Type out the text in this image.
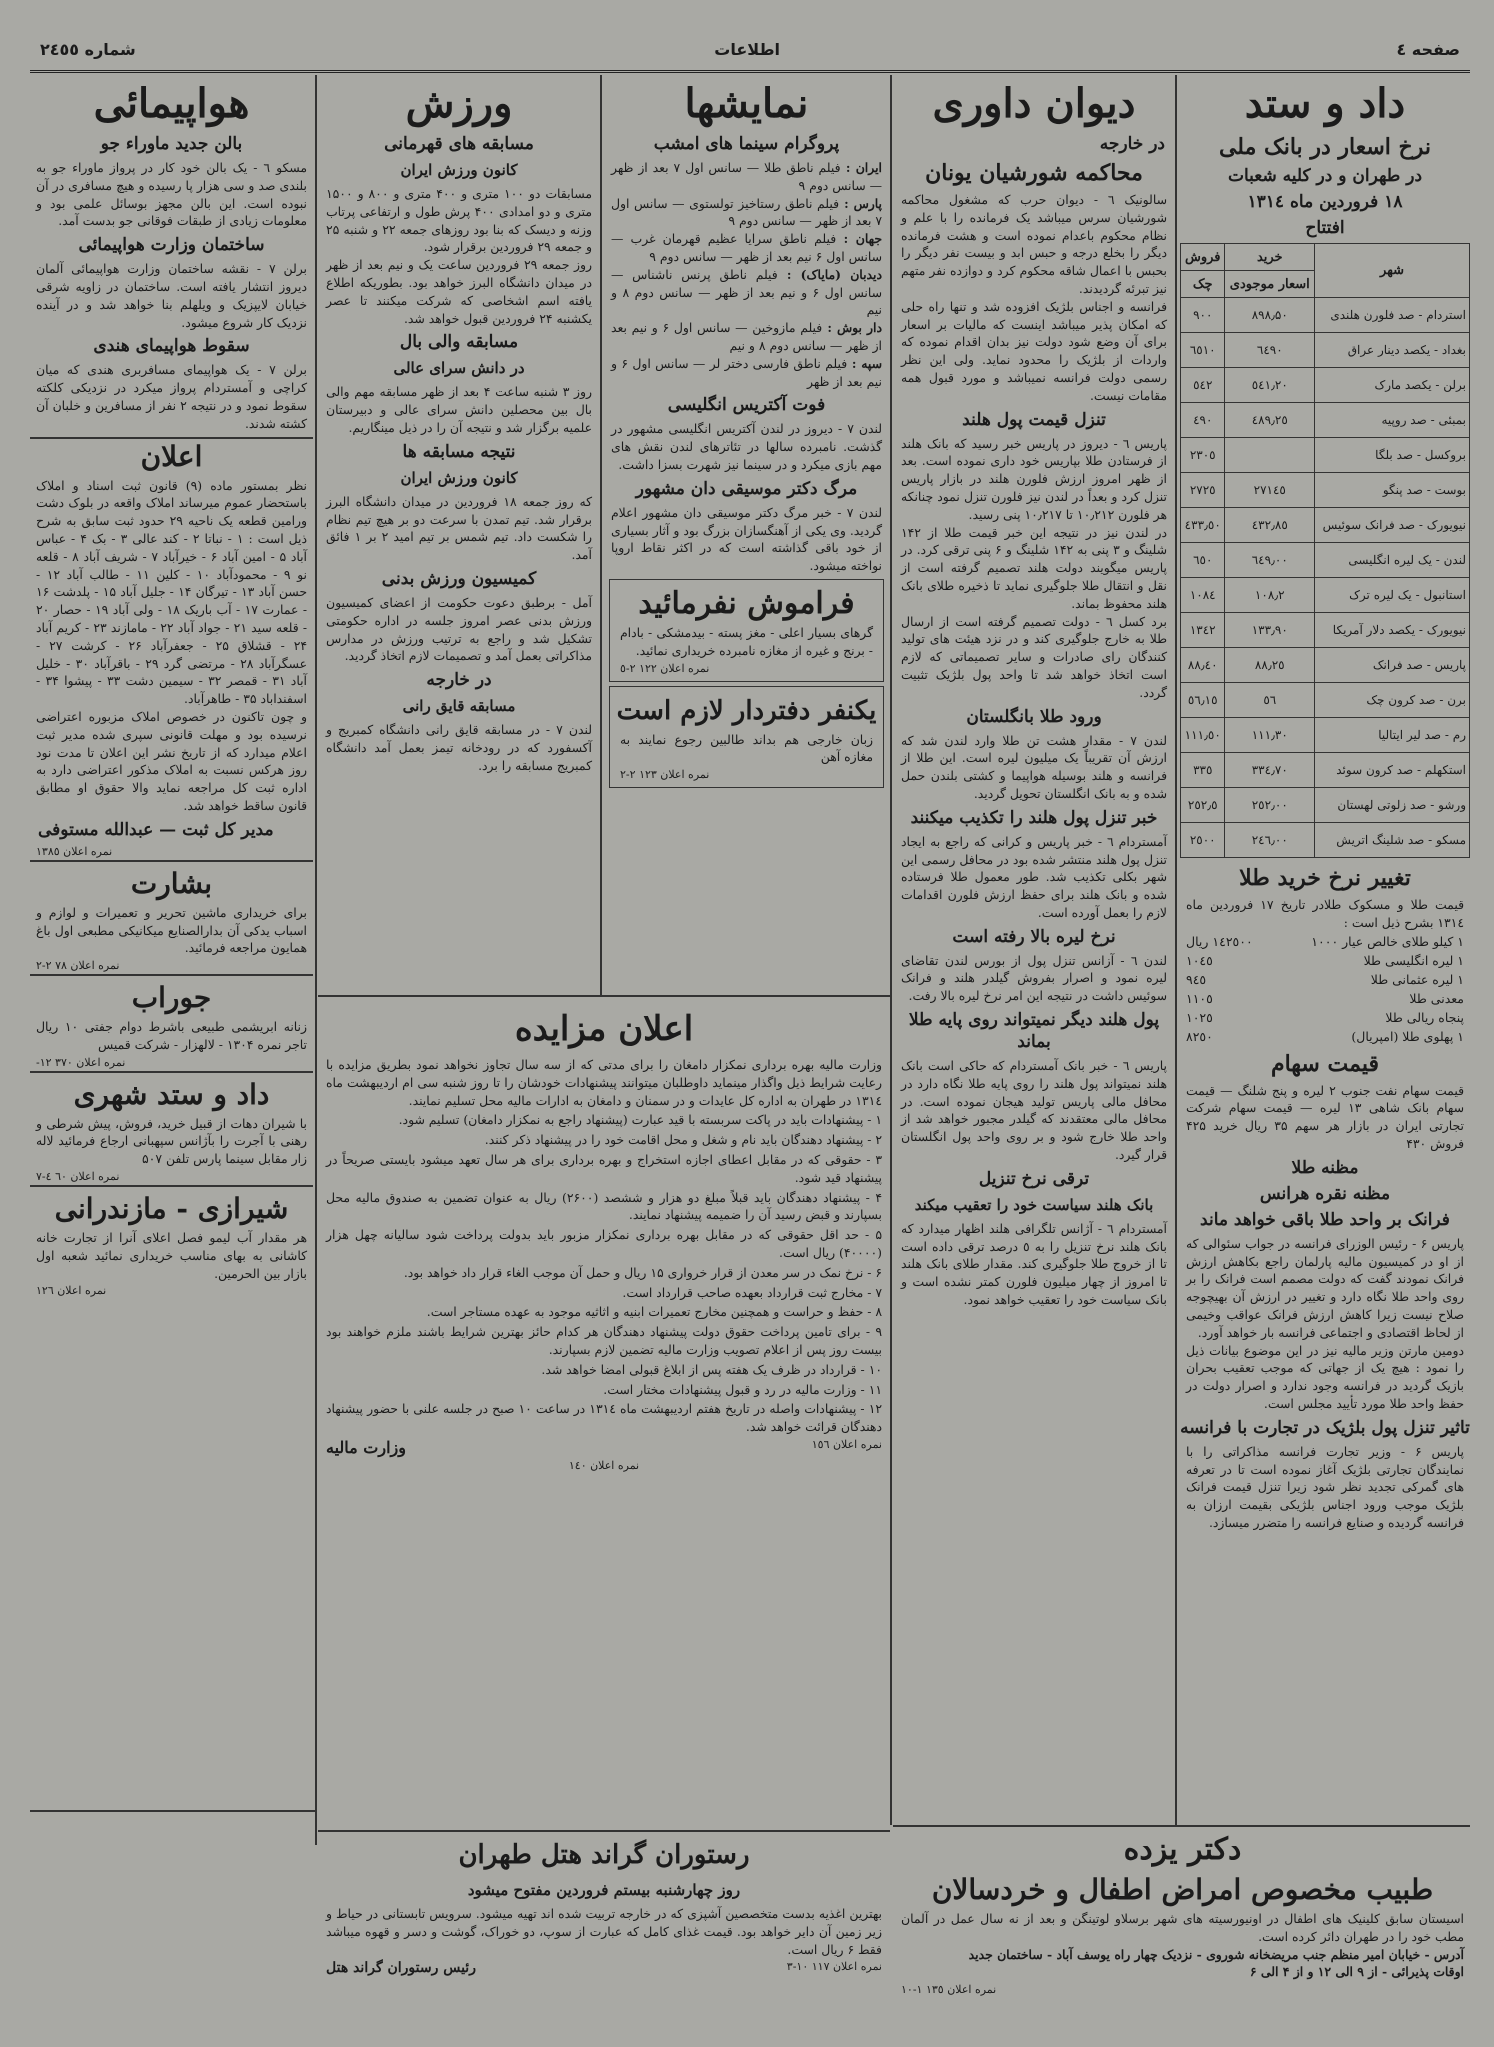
صفحه ٤
اطلاعات
شماره ٢٤٥٥
داد و ستد
نرخ اسعار در بانک ملی
در طهران و در کلیه شعبات
۱۸ فروردین ماه ۱۳۱٤
افتتاح
شهر	خرید	فروش
	اسعار موجودی	چک
استردام - صد فلورن هلندی	۸۹۸٫۵۰	۹۰۰
بغداد - یکصد دینار عراق	٦٤۹۰	٦٥١٠
برلن - یکصد مارک	٥٤١٫٢٠	٥٤٢
بمبئی - صد روپیه	٤٨٩٫٢٥	٤٩٠
بروکسل - صد بلگا		٢٣٠٥
بوست - صد پنگو	٢٧١٤٥	٢٧٢٥
نیویورک - صد فرانک سوئیس	٤٣٢٫٨٥	٤٣٣٫٥٠
لندن - یک لیره انگلیسی	٦٤٩٫٠٠	٦٥٠
استانبول - یک لیره ترک	١٠٨٫٢	١٠٨٤
نیویورک - یکصد دلار آمریکا	١٣٣٫٩٠	١٣٤٢
پاریس - صد فرانک	٨٨٫٢٥	٨٨٫٤٠
برن - صد کرون چک	٥٦	٥٦٫١٥
رم - صد لیر ایتالیا	١١١٫٣٠	١١١٫٥٠
استکهلم - صد کرون سوئد	٣٣٤٫٧٠	٣٣٥
ورشو - صد زلوتی لهستان	٢٥٢٫٠٠	٢٥٢٫٥
مسکو - صد شلینگ اتریش	٢٤٦٫٠٠	٢٥٠٠
تغییر نرخ خرید طلا
قیمت طلا و مسکوک طلادر تاریخ ۱۷ فروردین ماه ۱۳۱٤ بشرح ذیل است :
۱ کیلو طلای خالص عیار ۱۰۰۰
١٤٢٥٠٠ ریال
۱ لیره انگلیسی طلا
١٠٤٥
۱ لیره عثمانی طلا
٩٤٥
معدنی طلا
١١٠٥
پنجاه ریالی طلا
١٠٢٥
۱ پهلوی طلا (امپریال)
٨٢٥٠
قیمت سهام
قیمت سهام نفت جنوب ۲ لیره و پنج شلنگ — قیمت سهام بانک شاهی ۱۳ لیره — قیمت سهام شرکت تجارتی ایران در بازار هر سهم ۳۵ ریال خرید ۴۲۵ فروش ۴۳۰
مظنه طلا
مظنه نقره هرانس
فرانک بر واحد طلا باقی خواهد ماند
پاریس ۶ - رئیس الوزرای فرانسه در جواب سئوالی که از او در کمیسیون مالیه پارلمان راجع بکاهش ارزش فرانک نمودند گفت که دولت مصمم است فرانک را بر روی واحد طلا نگاه دارد و تغییر در ارزش آن بهیچوجه صلاح نیست زیرا کاهش ارزش فرانک عواقب وخیمی از لحاظ اقتصادی و اجتماعی فرانسه بار خواهد آورد.
دومین مارتن وزیر مالیه نیز در این موضوع بیانات ذیل را نمود : هیچ یک از جهاتی که موجب تعقیب بحران بازیک گردید در فرانسه وجود ندارد و اصرار دولت در حفظ واحد طلا مورد تأیید مجلس است.
تاثیر تنزل پول بلژیک در تجارت با فرانسه
پاریس ۶ - وزیر تجارت فرانسه مذاکراتی را با نمایندگان تجارتی بلژیک آغاز نموده است تا در تعرفه های گمرکی تجدید نظر شود زیرا تنزل قیمت فرانک بلژیک موجب ورود اجناس بلژیکی بقیمت ارزان به فرانسه گردیده و صنایع فرانسه را متضرر میسازد.
دیوان داوری
در خارجه
محاکمه شورشیان یونان
سالونیک ٦ - دیوان حرب که مشغول محاکمه شورشیان سرس میباشد یک فرمانده را با علم و نظام محکوم باعدام نموده است و هشت فرمانده دیگر را بخلع درجه و حبس ابد و بیست نفر دیگر را بحبس با اعمال شاقه محکوم کرد و دوازده نفر متهم نیز تبرئه گردیدند.
فرانسه و اجناس بلژیک افزوده شد و تنها راه حلی که امکان پذیر میباشد اینست که مالیات بر اسعار برای آن وضع شود دولت نیز بدان اقدام نموده که واردات از بلژیک را محدود نماید. ولی این نظر رسمی دولت فرانسه نمیباشد و مورد قبول همه مقامات نیست.
تنزل قیمت پول هلند
پاریس ٦ - دیروز در پاریس خبر رسید که بانک هلند از فرستادن طلا بپاریس خود داری نموده است. بعد از ظهر امروز ارزش فلورن هلند در بازار پاریس تنزل کرد و بعداً در لندن نیز فلورن تنزل نمود چنانکه هر فلورن ۱۰٫۲۱۲ تا ۱۰٫۲۱۷ پنی رسید.
در لندن نیز در نتیجه این خبر قیمت طلا از ۱۴۲ شلینگ و ۳ پنی به ۱۴۲ شلینگ و ۶ پنی ترقی کرد. در پاریس میگویند دولت هلند تصمیم گرفته است از نقل و انتقال طلا جلوگیری نماید تا ذخیره طلای بانک هلند محفوظ بماند.
برد کسل ٦ - دولت تصمیم گرفته است از ارسال طلا به خارج جلوگیری کند و در نزد هیئت های تولید کنندگان رای صادرات و سایر تصمیماتی که لازم است اتخاذ خواهد شد تا واحد پول بلژیک تثبیت گردد.
ورود طلا بانگلستان
لندن ۷ - مقدار هشت تن طلا وارد لندن شد که ارزش آن تقریباً یک میلیون لیره است. این طلا از فرانسه و هلند بوسیله هواپیما و کشتی بلندن حمل شده و به بانک انگلستان تحویل گردید.
خبر تنزل پول هلند را تکذیب میکنند
آمستردام ٦ - خبر پاریس و کرانی که راجع به ایجاد تنزل پول هلند منتشر شده بود در محافل رسمی این شهر بکلی تکذیب شد. طور معمول طلا فرستاده شده و بانک هلند برای حفظ ارزش فلورن اقدامات لازم را بعمل آورده است.
نرخ لیره بالا رفته است
لندن ٦ - آزانس تنزل پول از بورس لندن تقاضای لیره نمود و اصرار بفروش گیلدر هلند و فرانک سوئیس داشت در نتیجه این امر نرخ لیره بالا رفت.
پول هلند دیگر نمیتواند روی پایه طلا بماند
پاریس ٦ - خبر بانک آمستردام که حاکی است بانک هلند نمیتواند پول هلند را روی پایه طلا نگاه دارد در محافل مالی پاریس تولید هیجان نموده است. در محافل مالی معتقدند که گیلدر مجبور خواهد شد از واحد طلا خارج شود و بر روی واحد پول انگلستان قرار گیرد.
ترقی نرخ تنزیل
بانک هلند سیاست خود را تعقیب میکند
آمستردام ٦ - آژانس تلگرافی هلند اظهار میدارد که بانک هلند نرخ تنزیل را به ٥ درصد ترقی داده است تا از خروج طلا جلوگیری کند. مقدار طلای بانک هلند تا امروز از چهار میلیون فلورن کمتر نشده است و بانک سیاست خود را تعقیب خواهد نمود.
نمایشها
پروگرام سینما های امشب
ایران : فیلم ناطق طلا — سانس اول ۷ بعد از ظهر — سانس دوم ۹
پارس : فیلم ناطق رستاخیز تولستوی — سانس اول ۷ بعد از ظهر — سانس دوم ۹
جهان : فیلم ناطق سرایا عظیم قهرمان غرب — سانس اول ۶ نیم بعد از ظهر — سانس دوم ۹
دیدبان (مایاک) : فیلم ناطق پرنس ناشناس — سانس اول ۶ و نیم بعد از ظهر — سانس دوم ۸ و نیم
دار بوش : فیلم مازوخین — سانس اول ۶ و نیم بعد از ظهر — سانس دوم ۸ و نیم
سپه : فیلم ناطق فارسی دختر لر — سانس اول ۶ و نیم بعد از ظهر
فوت آکتریس انگلیسی
لندن ۷ - دیروز در لندن آکتریس انگلیسی مشهور در گذشت. نامبرده سالها در تئاترهای لندن نقش های مهم بازی میکرد و در سینما نیز شهرت بسزا داشت.
مرگ دکتر موسیقی دان مشهور
لندن ۷ - خبر مرگ دکتر موسیقی دان مشهور اعلام گردید. وی یکی از آهنگسازان بزرگ بود و آثار بسیاری از خود باقی گذاشته است که در اکثر نقاط اروپا نواخته میشود.
فراموش نفرمائید
گرهای بسیار اعلی - مغز پسته - بیدمشکی - بادام - برنج و غیره از مغازه نامبرده خریداری نمائید.
نمره اعلان ١٢٢ ٢-٥
یکنفر دفتردار لازم است
زبان خارجی هم بداند طالبین رجوع نمایند به مغازه آهن
نمره اعلان ١٢٣ ٢-٢
ورزش
مسابقه های قهرمانی
کانون ورزش ایران
مسابقات دو ۱۰۰ متری و ۴۰۰ متری و ۸۰۰ و ۱۵۰۰ متری و دو امدادی ۴۰۰ پرش طول و ارتفاعی پرتاب وزنه و دیسک که بنا بود روزهای جمعه ۲۲ و شنبه ۲۵ و جمعه ۲۹ فروردین برقرار شود.
روز جمعه ۲۹ فروردین ساعت یک و نیم بعد از ظهر در میدان دانشگاه البرز خواهد بود. بطوریکه اطلاع یافته اسم اشخاصی که شرکت میکنند تا عصر یکشنبه ۲۴ فروردین قبول خواهد شد.
مسابقه والی بال
در دانش سرای عالی
روز ۳ شنبه ساعت ۴ بعد از ظهر مسابقه مهم والی بال بین محصلین دانش سرای عالی و دبیرستان علمیه برگزار شد و نتیجه آن را در ذیل مینگاریم.
نتیجه مسابقه ها
کانون ورزش ایران
که روز جمعه ۱۸ فروردین در میدان دانشگاه البرز برقرار شد. تیم تمدن با سرعت دو بر هیچ تیم نظام را شکست داد. تیم شمس بر تیم امید ۲ بر ۱ فائق آمد.
کمیسیون ورزش بدنی
آمل - برطبق دعوت حکومت از اعضای کمیسیون ورزش بدنی عصر امروز جلسه در اداره حکومتی تشکیل شد و راجع به ترتیب ورزش در مدارس مذاکراتی بعمل آمد و تصمیمات لازم اتخاذ گردید.
در خارجه
مسابقه قایق رانی
لندن ۷ - در مسابقه قایق رانی دانشگاه کمبریج و آکسفورد که در رودخانه تیمز بعمل آمد دانشگاه کمبریج مسابقه را برد.
اعلان مزایده
وزارت مالیه بهره برداری نمکزار دامغان را برای مدتی که از سه سال تجاوز نخواهد نمود بطریق مزایده با رعایت شرایط ذیل واگذار مینماید داوطلبان میتوانند پیشنهادات خودشان را تا روز شنبه سی ام اردیبهشت ماه ۱۳۱٤ در طهران به اداره کل عایدات و در سمنان و دامغان به ادارات مالیه محل تسلیم نمایند.

۱ - پیشنهادات باید در پاکت سربسته با قید عبارت (پیشنهاد راجع به نمکزار دامغان) تسلیم شود.

۲ - پیشنهاد دهندگان باید نام و شغل و محل اقامت خود را در پیشنهاد ذکر کنند.

۳ - حقوقی که در مقابل اعطای اجازه استخراج و بهره برداری برای هر سال تعهد میشود بایستی صریحاً در پیشنهاد قید شود.

۴ - پیشنهاد دهندگان باید قبلاً مبلغ دو هزار و ششصد (۲۶۰۰) ریال به عنوان تضمین به صندوق مالیه محل بسپارند و قبض رسید آن را ضمیمه پیشنهاد نمایند.

۵ - حد اقل حقوقی که در مقابل بهره برداری نمکزار مزبور باید بدولت پرداخت شود سالیانه چهل هزار (۴۰۰۰۰) ریال است.

۶ - نرخ نمک در سر معدن از قرار خرواری ۱۵ ریال و حمل آن موجب الغاء قرار داد خواهد بود.

۷ - مخارج ثبت قرارداد بعهده صاحب قرارداد است.

۸ - حفظ و حراست و همچنین مخارج تعمیرات ابنیه و اثاثیه موجود به عهده مستاجر است.

۹ - برای تامین پرداخت حقوق دولت پیشنهاد دهندگان هر کدام حائز بهترین شرایط باشند ملزم خواهند بود بیست روز پس از اعلام تصویب وزارت مالیه تضمین لازم بسپارند.

۱۰ - قرارداد در ظرف یک هفته پس از ابلاغ قبولی امضا خواهد شد.

۱۱ - وزارت مالیه در رد و قبول پیشنهادات مختار است.

۱۲ - پیشنهادات واصله در تاریخ هفتم اردیبهشت ماه ۱۳۱٤ در ساعت ۱۰ صبح در جلسه علنی با حضور پیشنهاد دهندگان قرائت خواهد شد.

نمره اعلان ١٥٦
وزارت مالیه
نمره اعلان ١٤٠
هواپیمائی
بالن جدید ماوراء جو
مسکو ٦ - یک بالن خود کار در پرواز ماوراء جو به بلندی صد و سی هزار پا رسیده و هیچ مسافری در آن نبوده است. این بالن مجهز بوسائل علمی بود و معلومات زیادی از طبقات فوقانی جو بدست آمد.
ساختمان وزارت هواپیمائی
برلن ۷ - نقشه ساختمان وزارت هواپیمائی آلمان دیروز انتشار یافته است. ساختمان در زاویه شرقی خیابان لایپزیک و ویلهلم بنا خواهد شد و در آینده نزدیک کار شروع میشود.
سقوط هواپیمای هندی
برلن ۷ - یک هواپیمای مسافربری هندی که میان کراچی و آمستردام پرواز میکرد در نزدیکی کلکته سقوط نمود و در نتیجه ۲ نفر از مسافرین و خلبان آن کشته شدند.
اعلان
نظر بمستور ماده (۹) قانون ثبت اسناد و املاک باستحضار عموم میرساند املاک واقعه در بلوک دشت ورامین قطعه یک ناحیه ۲۹ حدود ثبت سابق به شرح ذیل است : ۱ - نباتا ۲ - کند عالی ۳ - بک ۴ - عباس آباد ۵ - امین آباد ۶ - خیرآباد ۷ - شریف آباد ۸ - قلعه نو ۹ - محمودآباد ۱۰ - کلین ۱۱ - طالب آباد ۱۲ - حسن آباد ۱۳ - تیرگان ۱۴ - جلیل آباد ۱۵ - پلدشت ۱۶ - عمارت ۱۷ - آب باریک ۱۸ - ولی آباد ۱۹ - حصار ۲۰ - قلعه سید ۲۱ - جواد آباد ۲۲ - مامازند ۲۳ - کریم آباد ۲۴ - قشلاق ۲۵ - جعفرآباد ۲۶ - کرشت ۲۷ - عسگرآباد ۲۸ - مرتضی گرد ۲۹ - باقرآباد ۳۰ - خلیل آباد ۳۱ - قمصر ۳۲ - سیمین دشت ۳۳ - پیشوا ۳۴ - اسفنداباد ۳۵ - طاهرآباد.
و چون تاکنون در خصوص املاک مزبوره اعتراضی نرسیده بود و مهلت قانونی سپری شده مدیر ثبت اعلام میدارد که از تاریخ نشر این اعلان تا مدت نود روز هرکس نسبت به املاک مذکور اعتراضی دارد به اداره ثبت کل مراجعه نماید والا حقوق او مطابق قانون ساقط خواهد شد.
مدیر کل ثبت — عبدالله مستوفی
نمره اعلان ١٣٨٥
بشارت
برای خریداری ماشین تحریر و تعمیرات و لوازم و اسباب یدکی آن بدارالصنایع میکانیکی مطبعی اول باغ همایون مراجعه فرمائید.
نمره اعلان ٧٨ ٢-٢
جوراب
زنانه ابریشمی طبیعی باشرط دوام جفتی ۱۰ ریال تاجر نمره ۱۳۰۴ - لالهزار - شرکت قمیس
نمره اعلان ٣٧٠ ١٢-
داد و ستد شهری
با شیران دهات از قبیل خرید، فروش، پیش شرطی و رهنی با آجرت را بآژانس سپهبانی ارجاع فرمائید لاله زار مقابل سینما پارس تلفن ۵۰۷
نمره اعلان ٦٠ ٤-٧
شیرازی - مازندرانی
هر مقدار آب لیمو فصل اعلای آنرا از تجارت خانه کاشانی به بهای مناسب خریداری نمائید شعبه اول بازار بین الحرمین.
نمره اعلان ١٢٦
رستوران گراند هتل طهران
روز چهارشنبه بیستم فروردین مفتوح میشود
بهترین اغذیه بدست متخصصین آشپزی که در خارجه تربیت شده اند تهیه میشود. سرویس تابستانی در حیاط و زیر زمین آن دایر خواهد بود. قیمت غذای کامل که عبارت از سوپ، دو خوراک، گوشت و دسر و قهوه میباشد فقط ۶ ریال است.
نمره اعلان ١١٧ ١٠-٣
رئیس رستوران گراند هتل
دکتر یزده
طبیب مخصوص امراض اطفال و خردسالان
اسیستان سابق کلینیک های اطفال در اونیورسیته های شهر برسلاو لوتینگن و بعد از نه سال عمل در آلمان مطب خود را در طهران دائر کرده است.
آدرس - خیابان امیر منظم جنب مریضخانه شوروی - نزدیک چهار راه یوسف آباد - ساختمان جدید
اوقات پذیرائی - از ۹ الی ۱۲ و از ۴ الی ۶
نمره اعلان ١٣٥ ١-١٠
